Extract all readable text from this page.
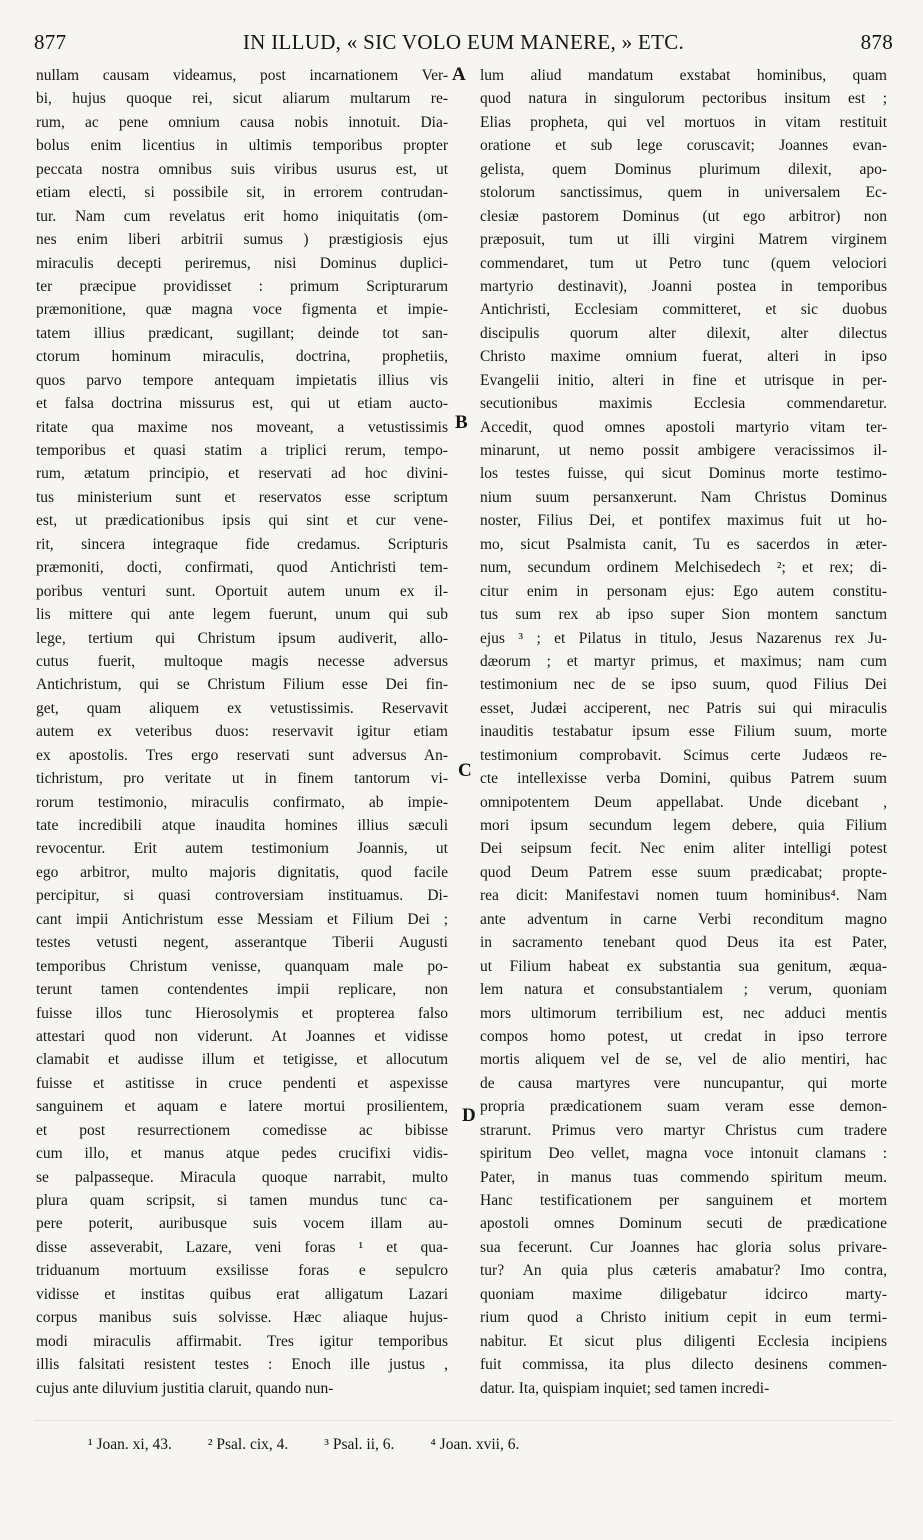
877	IN ILLUD, « SIC VOLO EUM MANERE, » ETC.	878
nullam causam videamus, post incarnationem Ver-
bi, hujus quoque rei, sicut aliarum multarum re-
rum, ac pene omnium causa nobis innotuit. Dia-
bolus enim licentius in ultimis temporibus propter
peccata nostra omnibus suis viribus usurus est, ut
etiam electi, si possibile sit, in errorem contrudan-
tur. Nam cum revelatus erit homo iniquitatis (om-
nes enim liberi arbitrii sumus ) præstigiosis ejus
miraculis decepti periremus, nisi Dominus duplici-
ter præcipue providisset : primum Scripturarum
præmonitione, quæ magna voce figmenta et impie-
tatem illius prædicant, sugillant; deinde tot san-
ctorum hominum miraculis, doctrina, prophetiis,
quos parvo tempore antequam impietatis illius vis
et falsa doctrina missurus est, qui ut etiam aucto-
ritate qua maxime nos moveant, a vetustissimis
temporibus et quasi statim a triplici rerum, tempo-
rum, ætatum principio, et reservati ad hoc divini-
tus ministerium sunt et reservatos esse scriptum
est, ut prædicationibus ipsis qui sint et cur vene-
rit, sincera integraque fide credamus. Scripturis
præmoniti, docti, confirmati, quod Antichristi tem-
poribus venturi sunt. Oportuit autem unum ex il-
lis mittere qui ante legem fuerunt, unum qui sub
lege, tertium qui Christum ipsum audiverit, allo-
cutus fuerit, multoque magis necesse adversus
Antichristum, qui se Christum Filium esse Dei fin-
get, quam aliquem ex vetustissimis. Reservavit
autem ex veteribus duos: reservavit igitur etiam
ex apostolis. Tres ergo reservati sunt adversus An-
tichristum, pro veritate ut in finem tantorum vi-
rorum testimonio, miraculis confirmato, ab impie-
tate incredibili atque inaudita homines illius sæculi
revocentur. Erit autem testimonium Joannis, ut
ego arbitror, multo majoris dignitatis, quod facile
percipitur, si quasi controversiam instituamus. Di-
cant impii Antichristum esse Messiam et Filium Dei ;
testes vetusti negent, asserantque Tiberii Augusti
temporibus Christum venisse, quanquam male po-
terunt tamen contendentes impii replicare, non
fuisse illos tunc Hierosolymis et propterea falso
attestari quod non viderunt. At Joannes et vidisse
clamabit et audisse illum et tetigisse, et allocutum
fuisse et astitisse in cruce pendenti et aspexisse
sanguinem et aquam e latere mortui prosilientem,
et post resurrectionem comedisse ac bibisse
cum illo, et manus atque pedes crucifixi vidis-
se palpasseque. Miracula quoque narrabit, multo
plura quam scripsit, si tamen mundus tunc ca-
pere poterit, auribusque suis vocem illam au-
disse asseverabit, Lazare, veni foras ¹ et qua-
triduanum mortuum exsilisse foras e sepulcro
vidisse et institas quibus erat alligatum Lazari
corpus manibus suis solvisse. Hæc aliaque hujus-
modi miraculis affirmabit. Tres igitur temporibus
illis falsitati resistent testes : Enoch ille justus ,
cujus ante diluvium justitia claruit, quando nun-
lum aliud mandatum exstabat hominibus, quam
quod natura in singulorum pectoribus insitum est ;
Elias propheta, qui vel mortuos in vitam restituit
oratione et sub lege coruscavit; Joannes evan-
gelista, quem Dominus plurimum dilexit, apo-
stolorum sanctissimus, quem in universalem Ec-
clesiæ pastorem Dominus (ut ego arbitror) non
præposuit, tum ut illi virgini Matrem virginem
commendaret, tum ut Petro tunc (quem velociori
martyrio destinavit), Joanni postea in temporibus
Antichristi, Ecclesiam committeret, et sic duobus
discipulis quorum alter dilexit, alter dilectus
Christo maxime omnium fuerat, alteri in ipso
Evangelii initio, alteri in fine et utrisque in per-
secutionibus maximis Ecclesia commendaretur.
Accedit, quod omnes apostoli martyrio vitam ter-
minarunt, ut nemo possit ambigere veracissimos il-
los testes fuisse, qui sicut Dominus morte testimo-
nium suum persanxerunt. Nam Christus Dominus
noster, Filius Dei, et pontifex maximus fuit ut ho-
mo, sicut Psalmista canit, Tu es sacerdos in æter-
num, secundum ordinem Melchisedech ²; et rex; di-
citur enim in personam ejus: Ego autem constitu-
tus sum rex ab ipso super Sion montem sanctum
ejus ³ ; et Pilatus in titulo, Jesus Nazarenus rex Ju-
dæorum ; et martyr primus, et maximus; nam cum
testimonium nec de se ipso suum, quod Filius Dei
esset, Judæi acciperent, nec Patris sui qui miraculis
inauditis testabatur ipsum esse Filium suum, morte
testimonium comprobavit. Scimus certe Judæos re-
cte intellexisse verba Domini, quibus Patrem suum
omnipotentem Deum appellabat. Unde dicebant ,
mori ipsum secundum legem debere, quia Filium
Dei seipsum fecit. Nec enim aliter intelligi potest
quod Deum Patrem esse suum prædicabat; propte-
rea dicit: Manifestavi nomen tuum hominibus⁴. Nam
ante adventum in carne Verbi reconditum magno
in sacramento tenebant quod Deus ita est Pater,
ut Filium habeat ex substantia sua genitum, æqua-
lem natura et consubstantialem ; verum, quoniam
mors ultimorum terribilium est, nec adduci mentis
compos homo potest, ut credat in ipso terrore
mortis aliquem vel de se, vel de alio mentiri, hac
de causa martyres vere nuncupantur, qui morte
propria prædicationem suam veram esse demon-
strarunt. Primus vero martyr Christus cum tradere
spiritum Deo vellet, magna voce intonuit clamans :
Pater, in manus tuas commendo spiritum meum.
Hanc testificationem per sanguinem et mortem
apostoli omnes Dominum secuti de prædicatione
sua fecerunt. Cur Joannes hac gloria solus privare-
tur? An quia plus cæteris amabatur? Imo contra,
quoniam maxime diligebatur idcirco marty-
rium quod a Christo initium cepit in eum termi-
nabitur. Et sicut plus diligenti Ecclesia incipiens
fuit commissa, ita plus dilecto desinens commen-
datur. Ita, quispiam inquiet; sed tamen incredi-
A
B
C
D
¹ Joan. xi, 43. ² Psal. cix, 4. ³ Psal. ii, 6. ⁴ Joan. xvii, 6.
